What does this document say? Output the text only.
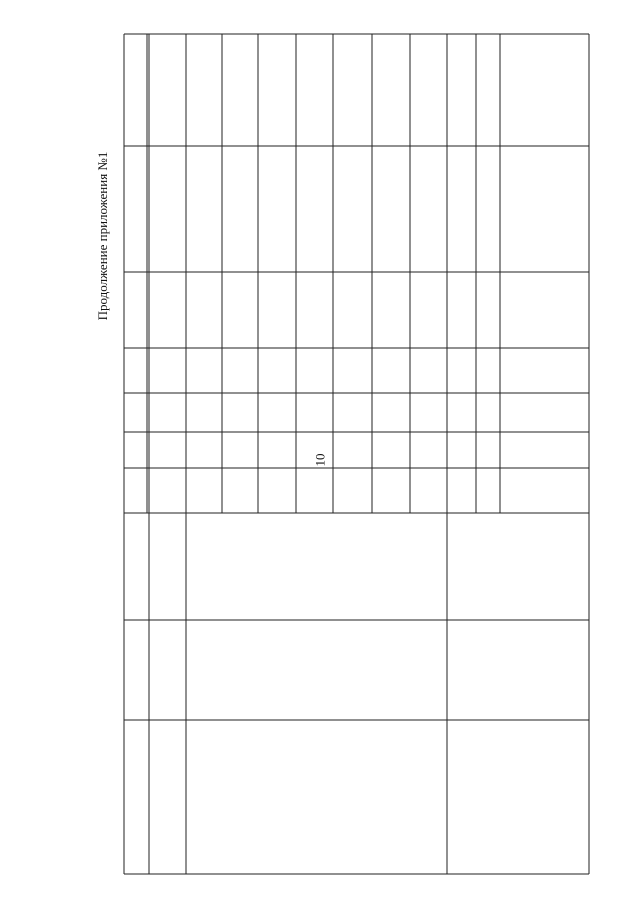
10
Продолжение приложения №1
